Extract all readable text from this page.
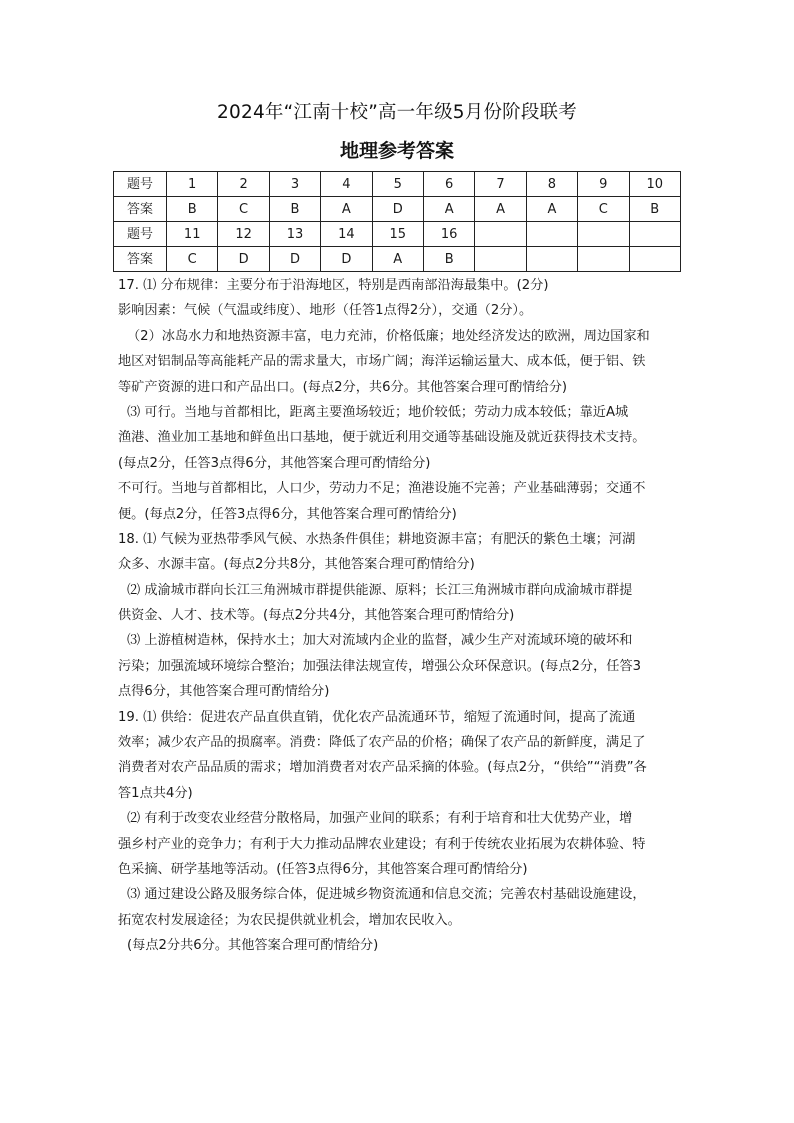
2024年“江南十校”高一年级5月份阶段联考
地理参考答案
题号	1	2	3	4	5	6	7	8	9	10
答案	B	C	B	A	D	A	A	A	C	B
题号	11	12	13	14	15	16				
答案	C	D	D	D	A	B				
17. ⑴ 分布规律：主要分布于沿海地区，特别是西南部沿海最集中。(2分)
影响因素：气候（气温或纬度）、地形（任答1点得2分），交通（2分）。
（2）冰岛水力和地热资源丰富，电力充沛，价格低廉；地处经济发达的欧洲，周边国家和
地区对铝制品等高能耗产品的需求量大，市场广阔；海洋运输运量大、成本低，便于铝、铁
等矿产资源的进口和产品出口。(每点2分，共6分。其他答案合理可酌情给分)
⑶ 可行。当地与首都相比，距离主要渔场较近；地价较低；劳动力成本较低；靠近A城
渔港、渔业加工基地和鲜鱼出口基地，便于就近利用交通等基础设施及就近获得技术支持。
(每点2分，任答3点得6分，其他答案合理可酌情给分)
不可行。当地与首都相比，人口少，劳动力不足；渔港设施不完善；产业基础薄弱；交通不
便。(每点2分，任答3点得6分，其他答案合理可酌情给分)
18. ⑴ 气候为亚热带季风气候、水热条件俱佳；耕地资源丰富；有肥沃的紫色土壤；河湖
众多、水源丰富。(每点2分共8分，其他答案合理可酌情给分)
⑵ 成渝城市群向长江三角洲城市群提供能源、原料；长江三角洲城市群向成渝城市群提
供资金、人才、技术等。(每点2分共4分，其他答案合理可酌情给分)
⑶ 上游植树造林，保持水土；加大对流域内企业的监督，减少生产对流域环境的破坏和
污染；加强流域环境综合整治；加强法律法规宣传，增强公众环保意识。(每点2分，任答3
点得6分，其他答案合理可酌情给分)
19. ⑴ 供给：促进农产品直供直销，优化农产品流通环节，缩短了流通时间，提高了流通
效率；减少农产品的损腐率。消费：降低了农产品的价格；确保了农产品的新鲜度，满足了
消费者对农产品品质的需求；增加消费者对农产品采摘的体验。(每点2分，“供给”“消费”各
答1点共4分)
⑵ 有利于改变农业经营分散格局，加强产业间的联系；有利于培育和壮大优势产业，增
强乡村产业的竞争力；有利于大力推动品牌农业建设；有利于传统农业拓展为农耕体验、特
色采摘、研学基地等活动。(任答3点得6分，其他答案合理可酌情给分)
⑶ 通过建设公路及服务综合体，促进城乡物资流通和信息交流；完善农村基础设施建设，
拓宽农村发展途径；为农民提供就业机会，增加农民收入。
(每点2分共6分。其他答案合理可酌情给分)
